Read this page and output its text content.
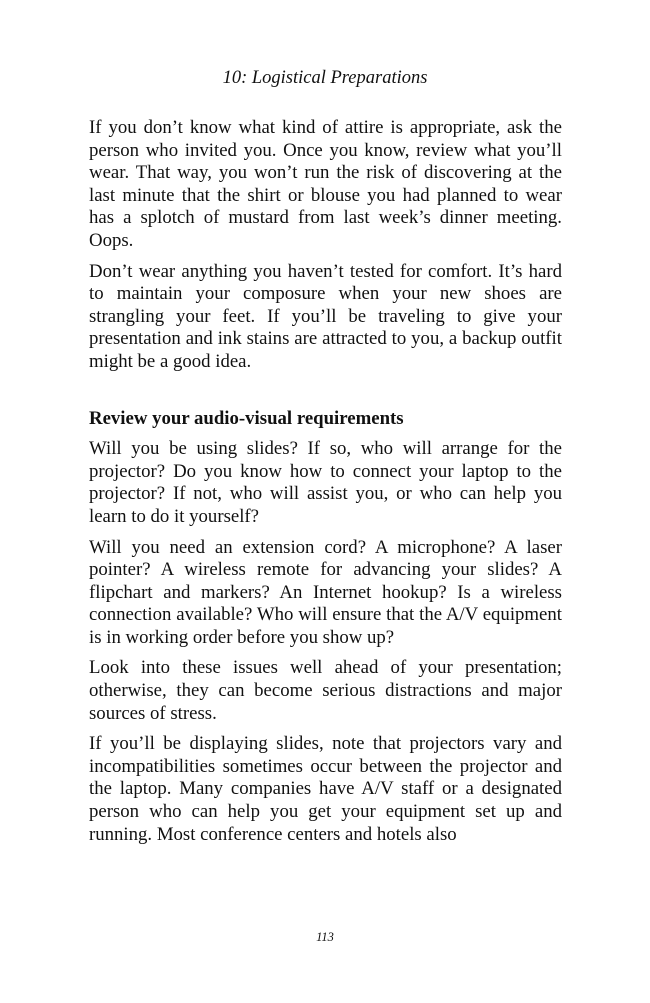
10: Logistical Preparations

If you don’t know what kind of attire is appropriate, ask the person who invited you. Once you know, review what you’ll wear. That way, you won’t run the risk of discovering at the last minute that the shirt or blouse you had planned to wear has a splotch of mustard from last week’s dinner meeting. Oops.

Don’t wear anything you haven’t tested for comfort. It’s hard to maintain your composure when your new shoes are strangling your feet. If you’ll be traveling to give your presentation and ink stains are attracted to you, a backup outfit might be a good idea.

Review your audio-visual requirements

Will you be using slides? If so, who will arrange for the projector? Do you know how to connect your laptop to the projector? If not, who will assist you, or who can help you learn to do it yourself?

Will you need an extension cord? A microphone? A laser pointer? A wireless remote for advancing your slides? A flipchart and markers? An Internet hookup? Is a wireless connection available? Who will ensure that the A/V equipment is in working order before you show up?

Look into these issues well ahead of your presentation; otherwise, they can become serious distractions and major sources of stress.

If you’ll be displaying slides, note that projectors vary and incompatibilities sometimes occur between the projector and the laptop. Many companies have A/V staff or a designated person who can help you get your equipment set up and running. Most conference centers and hotels also

113
